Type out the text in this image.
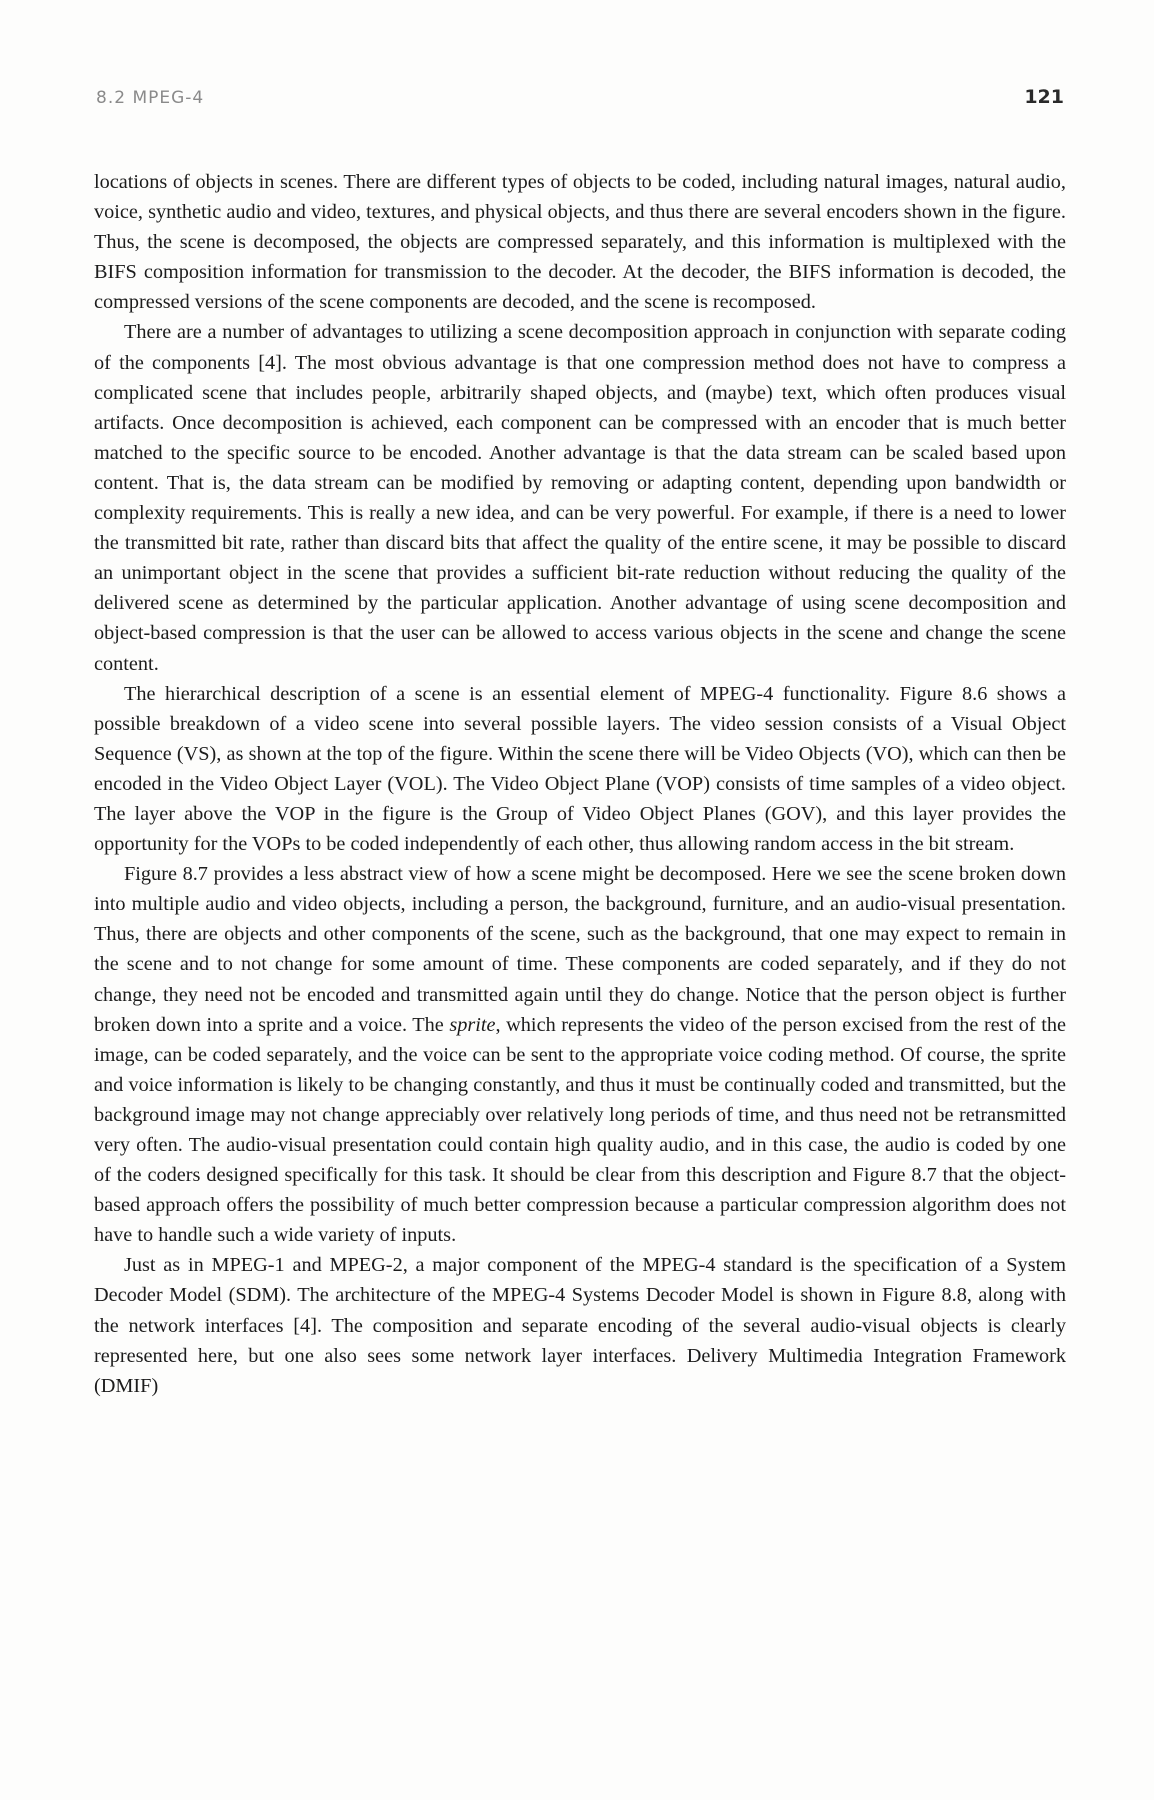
8.2 MPEG-4	121

locations of objects in scenes. There are different types of objects to be coded, including natural images, natural audio, voice, synthetic audio and video, textures, and physical objects, and thus there are several encoders shown in the figure. Thus, the scene is decomposed, the objects are compressed separately, and this information is multiplexed with the BIFS composition information for transmission to the decoder. At the decoder, the BIFS information is decoded, the compressed versions of the scene components are decoded, and the scene is recomposed.

There are a number of advantages to utilizing a scene decomposition approach in conjunction with separate coding of the components [4]. The most obvious advantage is that one compression method does not have to compress a complicated scene that includes people, arbitrarily shaped objects, and (maybe) text, which often produces visual artifacts. Once decomposition is achieved, each component can be compressed with an encoder that is much better matched to the specific source to be encoded. Another advantage is that the data stream can be scaled based upon content. That is, the data stream can be modified by removing or adapting content, depending upon bandwidth or complexity requirements. This is really a new idea, and can be very powerful. For example, if there is a need to lower the transmitted bit rate, rather than discard bits that affect the quality of the entire scene, it may be possible to discard an unimportant object in the scene that provides a sufficient bit-rate reduction without reducing the quality of the delivered scene as determined by the particular application. Another advantage of using scene decomposition and object-based compression is that the user can be allowed to access various objects in the scene and change the scene content.

The hierarchical description of a scene is an essential element of MPEG-4 functionality. Figure 8.6 shows a possible breakdown of a video scene into several possible layers. The video session consists of a Visual Object Sequence (VS), as shown at the top of the figure. Within the scene there will be Video Objects (VO), which can then be encoded in the Video Object Layer (VOL). The Video Object Plane (VOP) consists of time samples of a video object. The layer above the VOP in the figure is the Group of Video Object Planes (GOV), and this layer provides the opportunity for the VOPs to be coded independently of each other, thus allowing random access in the bit stream.

Figure 8.7 provides a less abstract view of how a scene might be decomposed. Here we see the scene broken down into multiple audio and video objects, including a person, the background, furniture, and an audio-visual presentation. Thus, there are objects and other components of the scene, such as the background, that one may expect to remain in the scene and to not change for some amount of time. These components are coded separately, and if they do not change, they need not be encoded and transmitted again until they do change. Notice that the person object is further broken down into a sprite and a voice. The sprite, which represents the video of the person excised from the rest of the image, can be coded separately, and the voice can be sent to the appropriate voice coding method. Of course, the sprite and voice information is likely to be changing constantly, and thus it must be continually coded and transmitted, but the background image may not change appreciably over relatively long periods of time, and thus need not be retransmitted very often. The audio-visual presentation could contain high quality audio, and in this case, the audio is coded by one of the coders designed specifically for this task. It should be clear from this description and Figure 8.7 that the object-based approach offers the possibility of much better compression because a particular compression algorithm does not have to handle such a wide variety of inputs.

Just as in MPEG-1 and MPEG-2, a major component of the MPEG-4 standard is the specification of a System Decoder Model (SDM). The architecture of the MPEG-4 Systems Decoder Model is shown in Figure 8.8, along with the network interfaces [4]. The composition and separate encoding of the several audio-visual objects is clearly represented here, but one also sees some network layer interfaces. Delivery Multimedia Integration Framework (DMIF)
